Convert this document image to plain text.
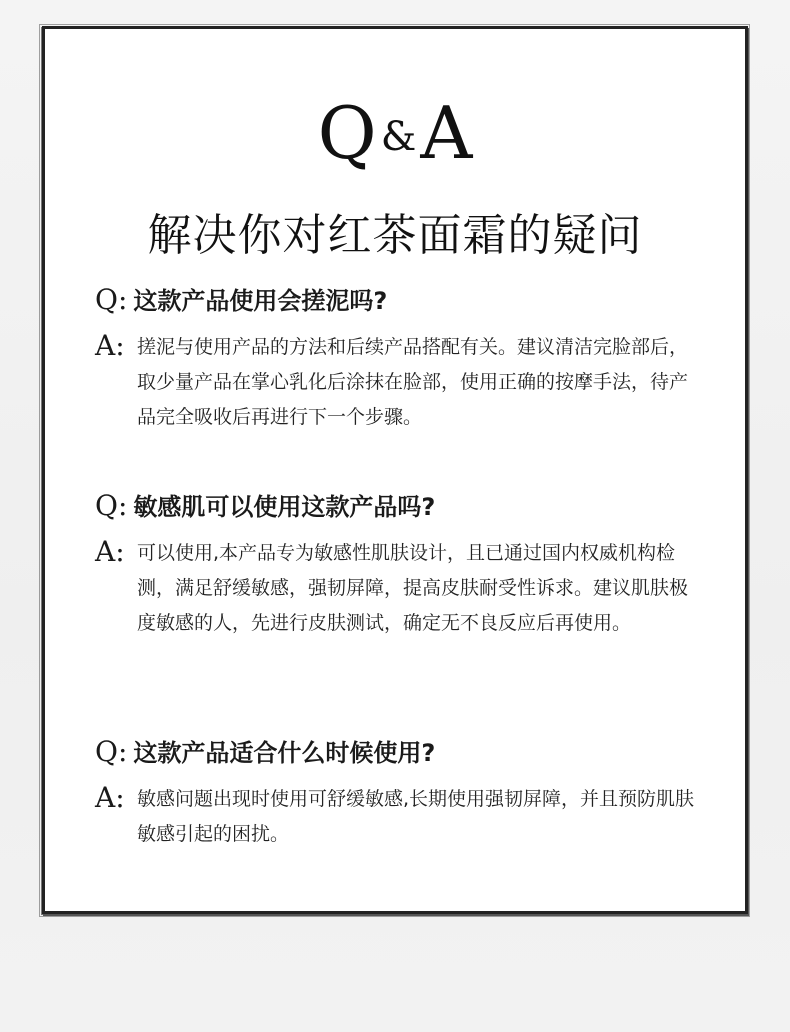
Q &A
解决你对红茶面霜的疑问
Q: 这款产品使用会搓泥吗?
A: 搓泥与使用产品的方法和后续产品搭配有关。建议清洁完脸部后，取少量产品在掌心乳化后涂抹在脸部，使用正确的按摩手法，待产品完全吸收后再进行下一个步骤。
Q: 敏感肌可以使用这款产品吗?
A: 可以使用,本产品专为敏感性肌肤设计，且已通过国内权威机构检测，满足舒缓敏感，强韧屏障，提高皮肤耐受性诉求。建议肌肤极度敏感的人，先进行皮肤测试，确定无不良反应后再使用。
Q: 这款产品适合什么时候使用?
A: 敏感问题出现时使用可舒缓敏感,长期使用强韧屏障，并且预防肌肤敏感引起的困扰。
